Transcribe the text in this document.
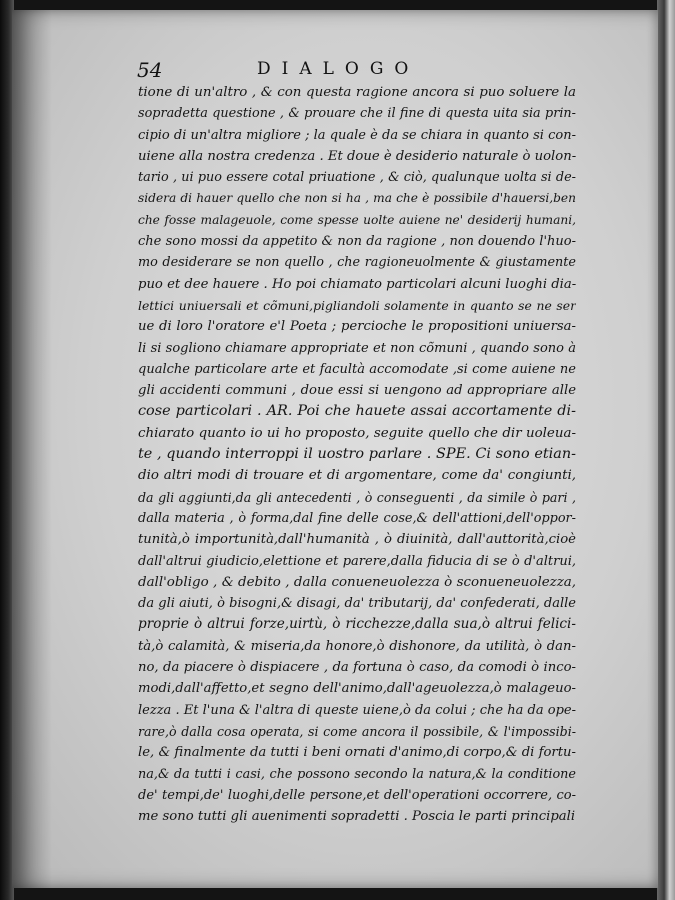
54	DIALOGO
tione di un'altro , & con questa ragione ancora si puo soluere la
sopradetta questione , & prouare che il fine di questa uita sia prin-
cipio di un'altra migliore ; la quale è da se chiara in quanto si con-
uiene alla nostra credenza . Et doue è desiderio naturale ò uolon-
tario , ui puo essere cotal priuatione , & ciò, qualunque uolta si de-
sidera di hauer quello che non si ha , ma che è possibile d'hauersi,ben
che fosse malageuole, come spesse uolte auiene ne' desiderij humani,
che sono mossi da appetito & non da ragione , non douendo l'huo-
mo desiderare se non quello , che ragioneuolmente & giustamente
puo et dee hauere . Ho poi chiamato particolari alcuni luoghi dia-
lettici uniuersali et cõmuni,pigliandoli solamente in quanto se ne ser
ue di loro l'oratore e'l Poeta ; percioche le propositioni uniuersa-
li si sogliono chiamare appropriate et non cõmuni , quando sono à
qualche particolare arte et facultà accomodate ,si come auiene ne
gli accidenti communi , doue essi si uengono ad appropriare alle
cose particolari . AR. Poi che hauete assai accortamente di-
chiarato quanto io ui ho proposto, seguite quello che dir uoleua-
te , quando interroppi il uostro parlare . SPE. Ci sono etian-
dio altri modi di trouare et di argomentare, come da' congiunti,
da gli aggiunti,da gli antecedenti , ò conseguenti , da simile ò pari ,
dalla materia , ò forma,dal fine delle cose,& dell'attioni,dell'oppor-
tunità,ò importunità,dall'humanità , ò diuinità, dall'auttorità,cioè
dall'altrui giudicio,elettione et parere,dalla fiducia di se ò d'altrui,
dall'obligo , & debito , dalla conueneuolezza ò sconueneuolezza,
da gli aiuti, ò bisogni,& disagi, da' tributarij, da' confederati, dalle
proprie ò altrui forze,uirtù, ò ricchezze,dalla sua,ò altrui felici-
tà,ò calamità, & miseria,da honore,ò dishonore, da utilità, ò dan-
no, da piacere ò dispiacere , da fortuna ò caso, da comodi ò inco-
modi,dall'affetto,et segno dell'animo,dall'ageuolezza,ò malageuo-
lezza . Et l'una & l'altra di queste uiene,ò da colui ; che ha da ope-
rare,ò dalla cosa operata, si come ancora il possibile, & l'impossibi-
le, & finalmente da tutti i beni ornati d'animo,di corpo,& di fortu-
na,& da tutti i casi, che possono secondo la natura,& la conditione
de' tempi,de' luoghi,delle persone,et dell'operationi occorrere, co-
me sono tutti gli auenimenti sopradetti . Poscia le parti principali
